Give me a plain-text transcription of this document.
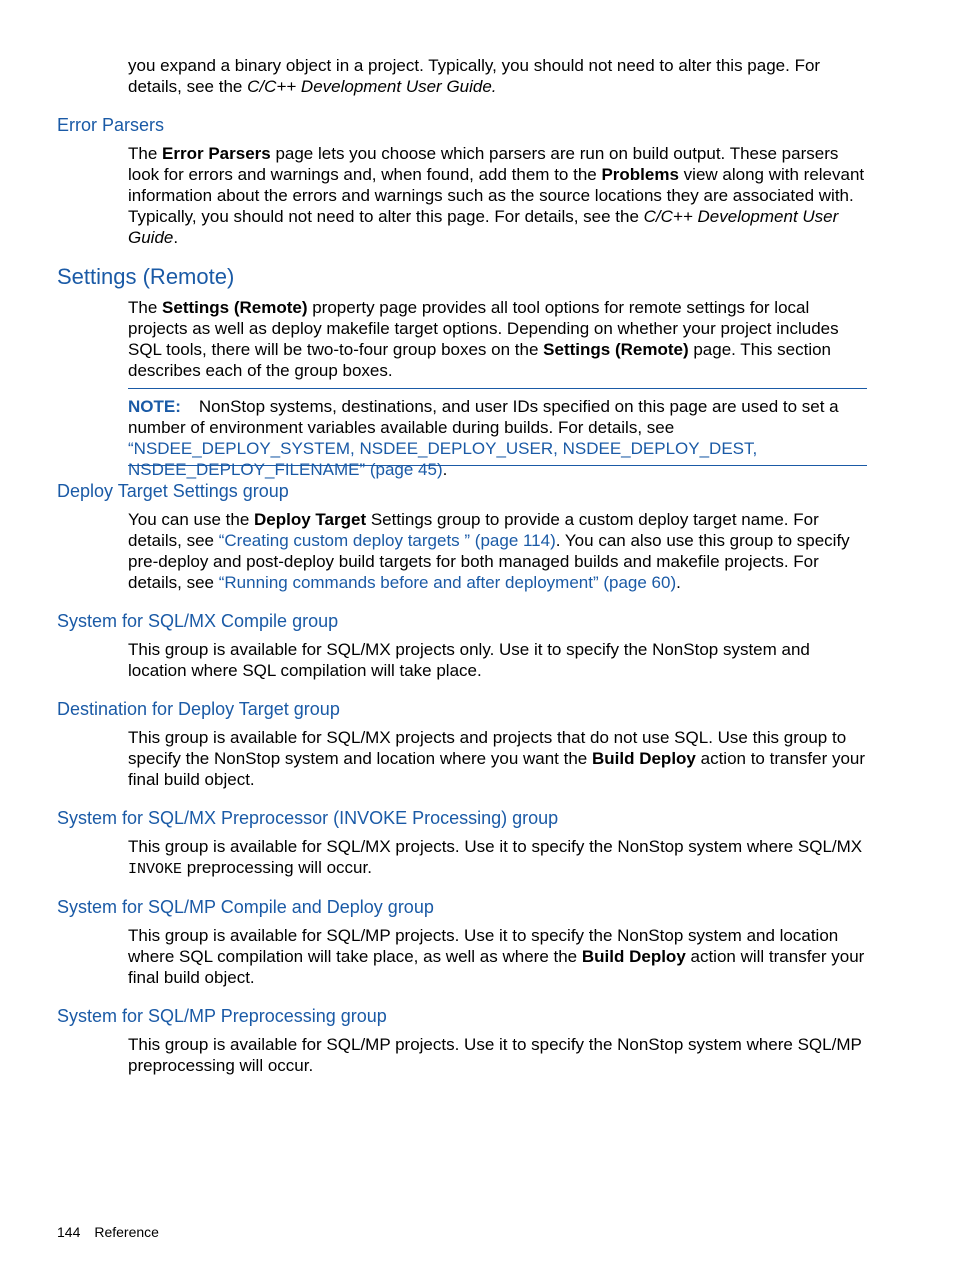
you expand a binary object in a project. Typically, you should not need to alter this page. For details, see the C/C++ Development User Guide.

Error Parsers

The Error Parsers page lets you choose which parsers are run on build output. These parsers look for errors and warnings and, when found, add them to the Problems view along with relevant information about the errors and warnings such as the source locations they are associated with. Typically, you should not need to alter this page. For details, see the C/C++ Development User Guide.

Settings (Remote)

The Settings (Remote) property page provides all tool options for remote settings for local projects as well as deploy makefile target options. Depending on whether your project includes SQL tools, there will be two-to-four group boxes on the Settings (Remote) page. This section describes each of the group boxes.

NOTE: NonStop systems, destinations, and user IDs specified on this page are used to set a number of environment variables available during builds. For details, see “NSDEE_DEPLOY_SYSTEM, NSDEE_DEPLOY_USER, NSDEE_DEPLOY_DEST, NSDEE_DEPLOY_FILENAME” (page 45).

Deploy Target Settings group

You can use the Deploy Target Settings group to provide a custom deploy target name. For details, see “Creating custom deploy targets ” (page 114). You can also use this group to specify pre-deploy and post-deploy build targets for both managed builds and makefile projects. For details, see “Running commands before and after deployment” (page 60).

System for SQL/MX Compile group

This group is available for SQL/MX projects only. Use it to specify the NonStop system and location where SQL compilation will take place.

Destination for Deploy Target group

This group is available for SQL/MX projects and projects that do not use SQL. Use this group to specify the NonStop system and location where you want the Build Deploy action to transfer your final build object.

System for SQL/MX Preprocessor (INVOKE Processing) group

This group is available for SQL/MX projects. Use it to specify the NonStop system where SQL/MX INVOKE preprocessing will occur.

System for SQL/MP Compile and Deploy group

This group is available for SQL/MP projects. Use it to specify the NonStop system and location where SQL compilation will take place, as well as where the Build Deploy action will transfer your final build object.

System for SQL/MP Preprocessing group

This group is available for SQL/MP projects. Use it to specify the NonStop system where SQL/MP preprocessing will occur.

144 Reference
